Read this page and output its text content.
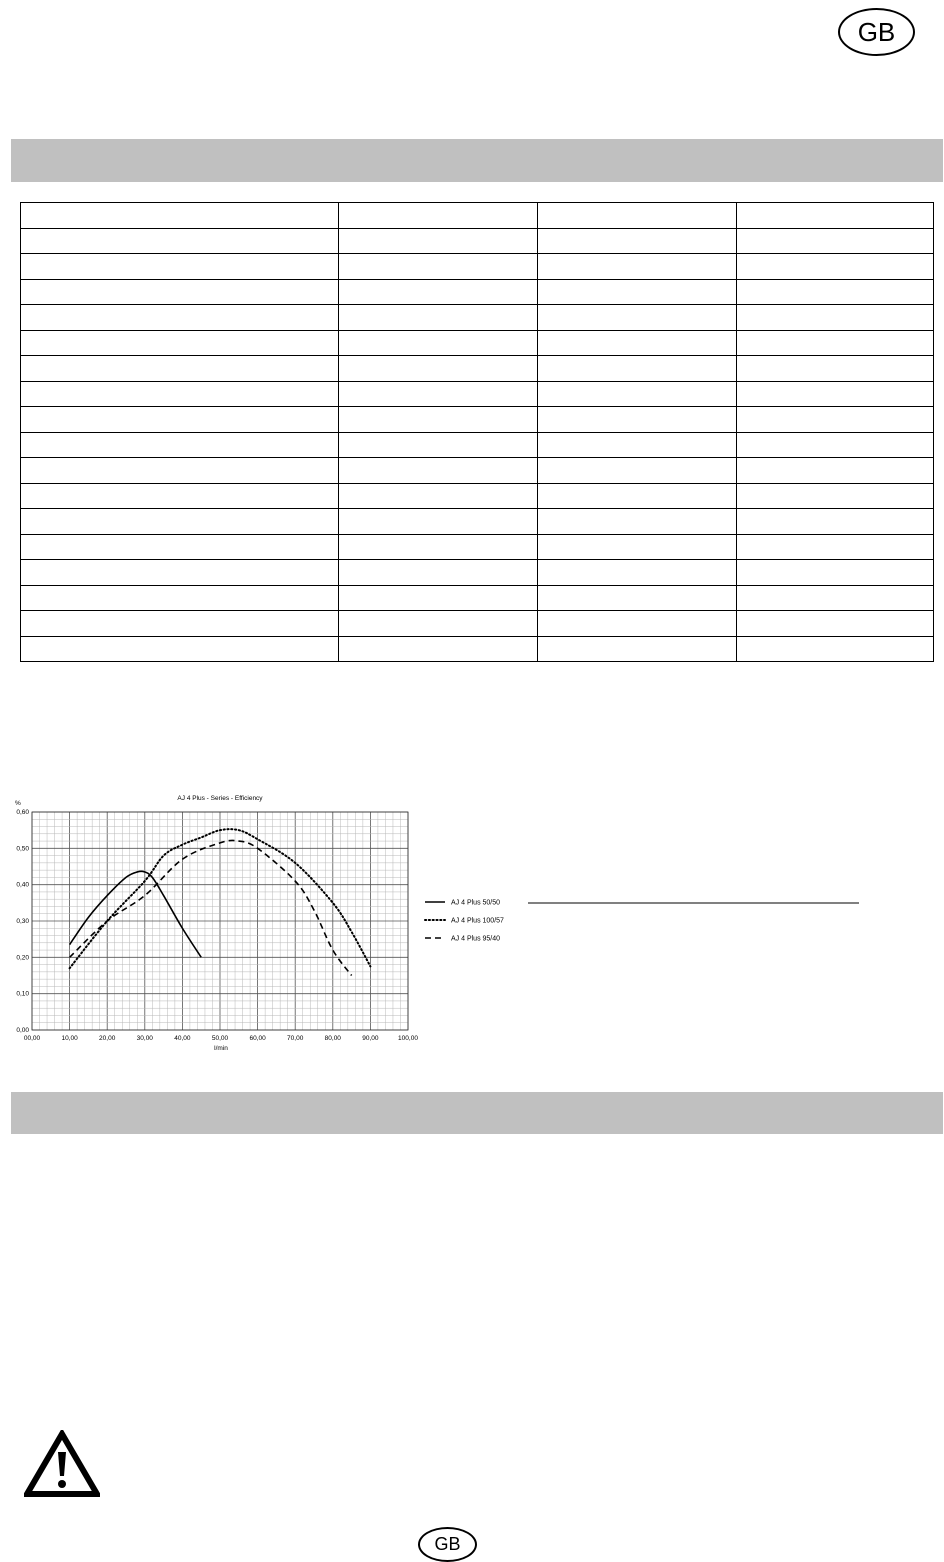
GB

00,00	10,00	20,00	30,00	40,00	50,00	60,00	70,00	80,00	90,00	100,00
0,00
0,10
0,20
0,30
0,40
0,50
0,60
AJ 4 Plus 50/50
AJ 4 Plus 100/57
AJ 4 Plus 95/40
AJ 4 Plus - Series - Efficiency
%
l/min
GB
